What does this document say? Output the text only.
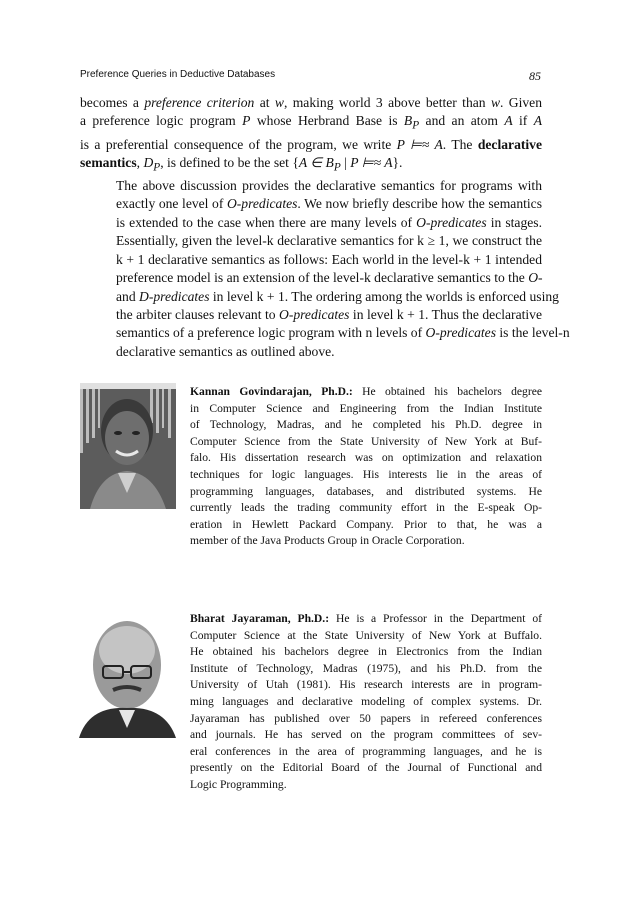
Preference Queries in Deductive Databases	85

becomes a preference criterion at w, making world 3 above better than w. Given
a preference logic program P whose Herbrand Base is $B_P$ and an atom A if A
is a preferential consequence of the program, we write P ⊨≈ A. The declarative
semantics, $D_P$, is defined to be the set {A ∈ $B_P$ | P ⊨≈ A}.

The above discussion provides the declarative semantics for programs with
exactly one level of O-predicates. We now briefly describe how the semantics
is extended to the case when there are many levels of O-predicates in stages.
Essentially, given the level-k declarative semantics for k ≥ 1, we construct the
k + 1 declarative semantics as follows: Each world in the level-k + 1 intended
preference model is an extension of the level-k declarative semantics to the O-
and D-predicates in level k + 1. The ordering among the worlds is enforced using
the arbiter clauses relevant to O-predicates in level k + 1. Thus the declarative
semantics of a preference logic program with n levels of O-predicates is the level-n
declarative semantics as outlined above.

Kannan Govindarajan, Ph.D.: He obtained his bachelors degree
in Computer Science and Engineering from the Indian Institute
of Technology, Madras, and he completed his Ph.D. degree in
Computer Science from the State University of New York at Buf-
falo. His dissertation research was on optimization and relaxation
techniques for logic languages. His interests lie in the areas of
programming languages, databases, and distributed systems. He
currently leads the trading community effort in the E-speak Op-
eration in Hewlett Packard Company. Prior to that, he was a
member of the Java Products Group in Oracle Corporation.
Bharat Jayaraman, Ph.D.: He is a Professor in the Department of
Computer Science at the State University of New York at Buffalo.
He obtained his bachelors degree in Electronics from the Indian
Institute of Technology, Madras (1975), and his Ph.D. from the
University of Utah (1981). His research interests are in program-
ming languages and declarative modeling of complex systems. Dr.
Jayaraman has published over 50 papers in refereed conferences
and journals. He has served on the program committees of sev-
eral conferences in the area of programming languages, and he is
presently on the Editorial Board of the Journal of Functional and
Logic Programming.
